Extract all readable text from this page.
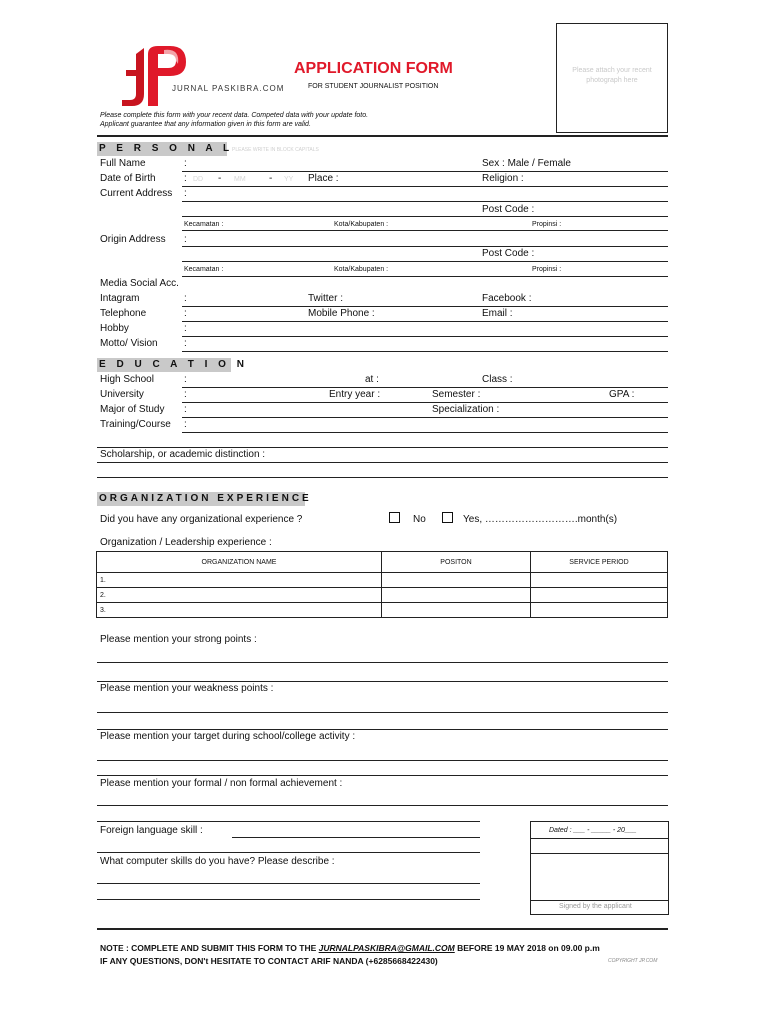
JURNAL PASKIBRA.COM
APPLICATION FORM
FOR STUDENT JOURNALIST POSITION
Please attach your recent photograph here
Please complete this form with your recent data. Competed data with your update foto.
Applicant guarantee that any information given in this form are valid.
P E R S O N A L
PLEASE WRITE IN BLOCK CAPITALS
Full Name	:	Sex : Male / Female
Date of Birth	: DD - MM - YY Place :	Religion :
Current Address :
Post Code :
Kecamatan :	Kota/Kabupaten :	Propinsi :
Origin Address :
Post Code :
Kecamatan :	Kota/Kabupaten :	Propinsi :
Media Social Acc.
Intagram	:	Twitter :	Facebook :
Telephone	:	Mobile Phone :	Email :
Hobby	:
Motto/ Vision	:
E D U C A T I O N
High School	:	at :	Class :
University	:	Entry year :	Semester :	GPA :
Major of Study :	Specialization :
Training/Course :
Scholarship, or academic distinction :
ORGANIZATION EXPERIENCE
Did you have any organizational experience ?	No	Yes, ……………………….month(s)
Organization / Leadership experience :
ORGANIZATION NAME	POSITON	SERVICE PERIOD
1.		
2.		
3.		
Please mention your strong points :
Please mention your weakness points :
Please mention your target during school/college activity :
Please mention your formal / non formal achievement :
Foreign language skill :
What computer skills do you have? Please describe :
Dated : ___ - _____ - 20___
Signed by the applicant
NOTE : COMPLETE AND SUBMIT THIS FORM TO THE JURNALPASKIBRA@GMAIL.COM BEFORE 19 MAY 2018 on 09.00 p.m
IF ANY QUESTIONS, DON't HESITATE TO CONTACT ARIF NANDA (+6285668422430)	COPYRIGHT JP.COM
